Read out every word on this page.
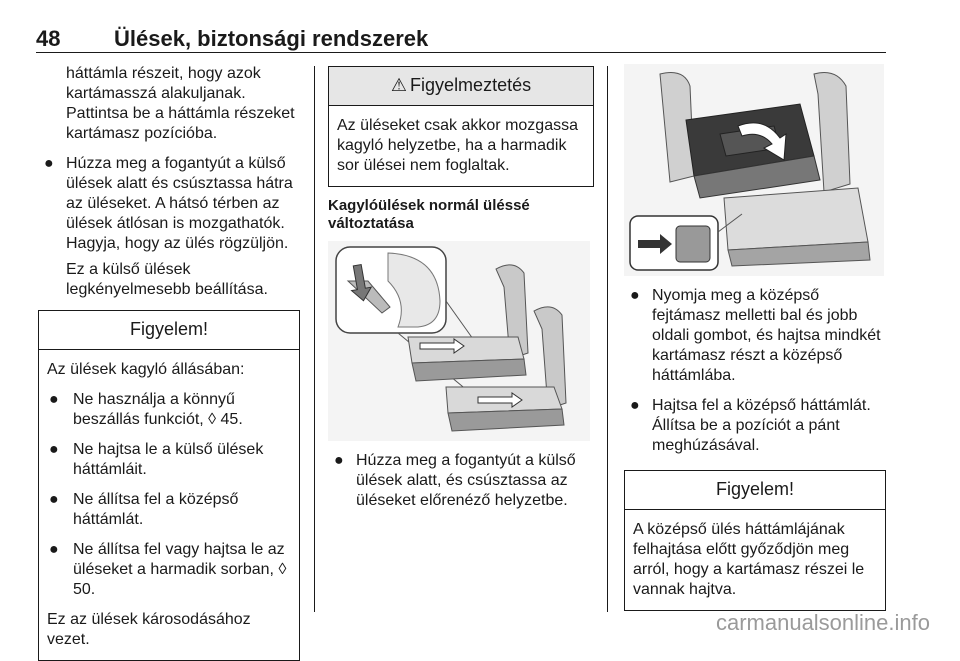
48 Ülések, biztonsági rendszerek

háttámla részeit, hogy azok kartámasszá alakuljanak. Pattintsa be a háttámla részeket kartámasz pozícióba.

● Húzza meg a fogantyút a külső ülések alatt és csúsztassa hátra az üléseket. A hátsó térben az ülések átlósan is mozgathatók. Hagyja, hogy az ülés rögzüljön.

Ez a külső ülések legkényelmesebb beállítása.

Figyelem!

Az ülések kagyló állásában:

● Ne használja a könnyű beszállás funkciót, ◊ 45.

● Ne hajtsa le a külső ülések háttámláit.

● Ne állítsa fel a középső háttámlát.

● Ne állítsa fel vagy hajtsa le az üléseket a harmadik sorban, ◊ 50.

Ez az ülések károsodásához vezet.

⚠ Figyelmeztetés
Az üléseket csak akkor mozgassa kagyló helyzetbe, ha a harmadik sor ülései nem foglaltak.

Kagylóülések normál üléssé változtatása

● Húzza meg a fogantyút a külső ülések alatt, és csúsztassa az üléseket előrenéző helyzetbe.

● Nyomja meg a középső fejtámasz melletti bal és jobb oldali gombot, és hajtsa mindkét kartámasz részt a középső háttámlába.

● Hajtsa fel a középső háttámlát. Állítsa be a pozíciót a pánt meghúzásával.

Figyelem!
A középső ülés háttámlájának felhajtása előtt győződjön meg arról, hogy a kartámasz részei le vannak hajtva.
carmanualsonline.info
